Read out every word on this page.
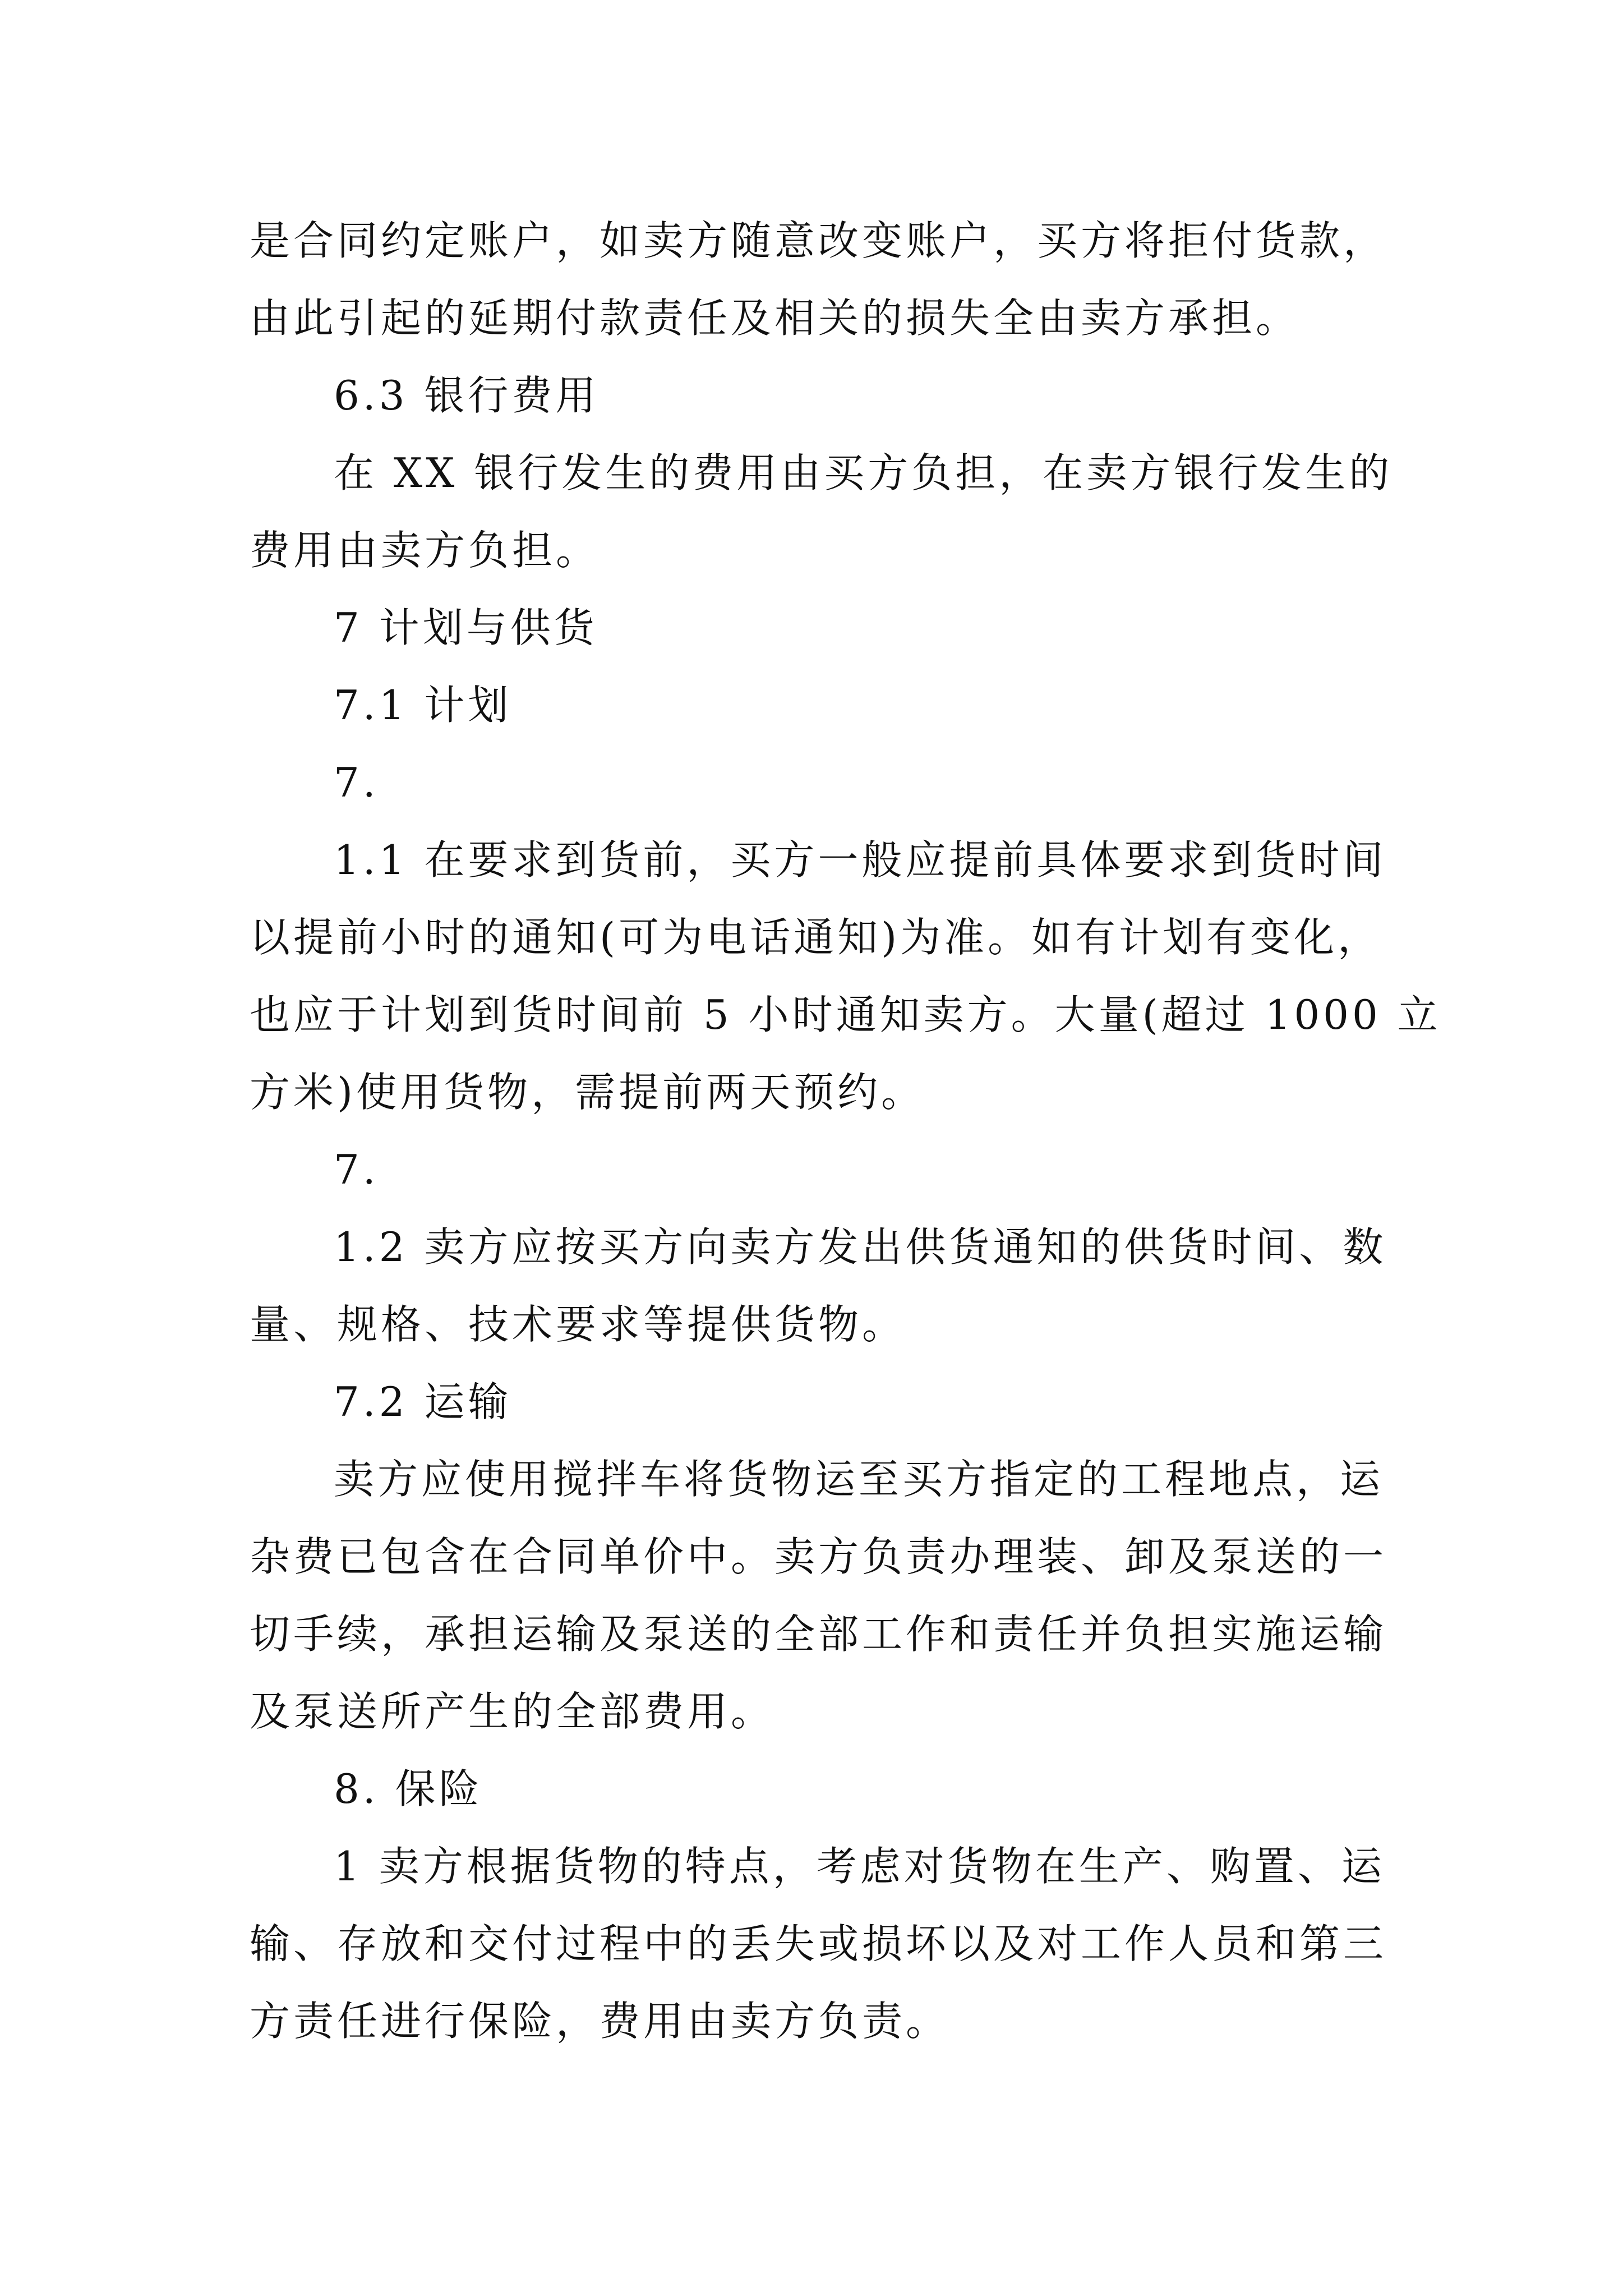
是合同约定账户，如卖方随意改变账户，买方将拒付货款，

由此引起的延期付款责任及相关的损失全由卖方承担。

6.3 银行费用

在 XX 银行发生的费用由买方负担，在卖方银行发生的

费用由卖方负担。

7 计划与供货

7.1 计划

7.

1.1 在要求到货前，买方一般应提前具体要求到货时间

以提前小时的通知(可为电话通知)为准。如有计划有变化，

也应于计划到货时间前 5 小时通知卖方。大量(超过 1000 立

方米)使用货物，需提前两天预约。

7.

1.2 卖方应按买方向卖方发出供货通知的供货时间、数

量、规格、技术要求等提供货物。

7.2 运输

卖方应使用搅拌车将货物运至买方指定的工程地点，运

杂费已包含在合同单价中。卖方负责办理装、卸及泵送的一

切手续，承担运输及泵送的全部工作和责任并负担实施运输

及泵送所产生的全部费用。

8. 保险

1 卖方根据货物的特点，考虑对货物在生产、购置、运

输、存放和交付过程中的丢失或损坏以及对工作人员和第三

方责任进行保险，费用由卖方负责。
